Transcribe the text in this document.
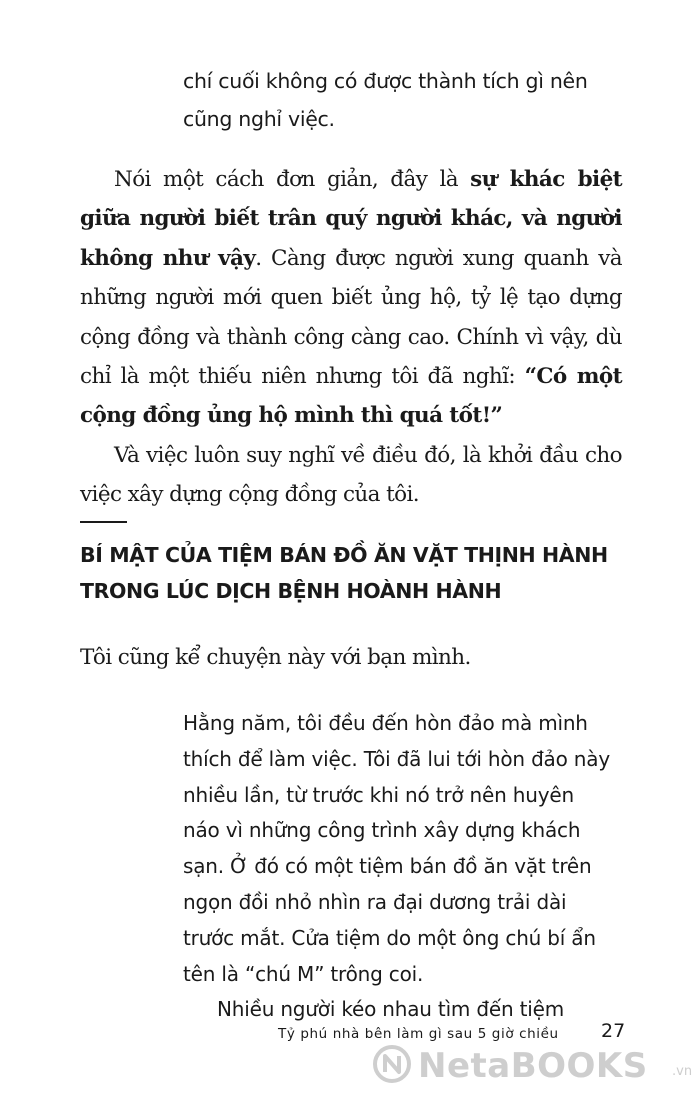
chí cuối không có được thành tích gì nên

cũng nghỉ việc.

Nói một cách đơn giản, đây là sự khác biệt giữa người biết trân quý người khác, và người không như vậy. Càng được người xung quanh và những người mới quen biết ủng hộ, tỷ lệ tạo dựng cộng đồng và thành công càng cao. Chính vì vậy, dù chỉ là một thiếu niên nhưng tôi đã nghĩ: “Có một cộng đồng ủng hộ mình thì quá tốt!”

Và việc luôn suy nghĩ về điều đó, là khởi đầu cho việc xây dựng cộng đồng của tôi.

BÍ MẬT CỦA TIỆM BÁN ĐỒ ĂN VẶT THỊNH HÀNH
TRONG LÚC DỊCH BỆNH HOÀNH HÀNH
Tôi cũng kể chuyện này với bạn mình.
Hằng năm, tôi đều đến hòn đảo mà mình
thích để làm việc. Tôi đã lui tới hòn đảo này
nhiều lần, từ trước khi nó trở nên huyên
náo vì những công trình xây dựng khách
sạn. Ở đó có một tiệm bán đồ ăn vặt trên
ngọn đồi nhỏ nhìn ra đại dương trải dài
trước mắt. Cửa tiệm do một ông chú bí ẩn
tên là “chú M” trông coi.
Nhiều người kéo nhau tìm đến tiệm
Tỷ phú nhà bên làm gì sau 5 giờ chiều	27
NetaBOOKS .vn
